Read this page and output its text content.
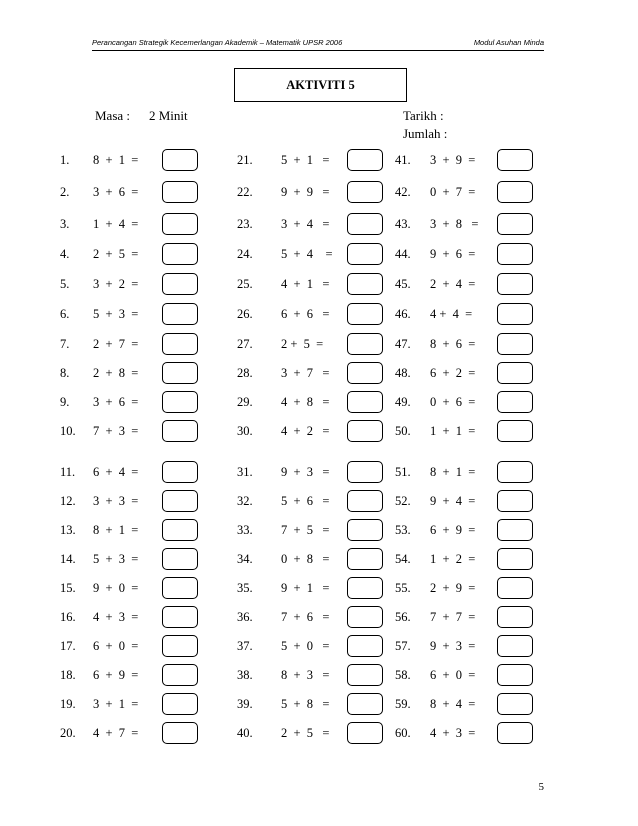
Perancangan Strategik Kecemerlangan Akademik – Matematik UPSR 2006	Modul Asuhan Minda
AKTIVITI 5
Masa : 2 Minit	Tarikh :
Jumlah :
1. 8  +  1  =
2. 3  +  6  =
3. 1  +  4  =
4. 2  +  5  =
5. 3  +  2  =
6. 5  +  3  =
7. 2  +  7  =
8. 2  +  8  =
9. 3  +  6  =
10. 7  +  3  =
11. 6  +  4  =
12. 3  +  3  =
13. 8  +  1  =
14. 5  +  3  =
15. 9  +  0  =
16. 4  +  3  =
17. 6  +  0  =
18. 6  +  9  =
19. 3  +  1  =
20. 4  +  7  =
21. 5  +  1   =
22. 9  +  9   =
23. 3  +  4   =
24. 5  +  4    =
25. 4  +  1   =
26. 6  +  6   =
27. 2 +  5  =
28. 3  +  7   =
29. 4  +  8   =
30. 4  +  2   =
31. 9  +  3   =
32. 5  +  6   =
33. 7  +  5   =
34. 0  +  8   =
35. 9  +  1   =
36. 7  +  6   =
37. 5  +  0   =
38. 8  +  3   =
39. 5  +  8   =
40. 2  +  5   =
41. 3  +  9  =
42. 0  +  7  =
43. 3  +  8   =
44. 9  +  6  =
45. 2  +  4  =
46. 4 +  4  =
47. 8  +  6  =
48. 6  +  2  =
49. 0  +  6  =
50. 1  +  1  =
51. 8  +  1  =
52. 9  +  4  =
53. 6  +  9  =
54. 1  +  2  =
55. 2  +  9  =
56. 7  +  7  =
57. 9  +  3  =
58. 6  +  0  =
59. 8  +  4  =
60. 4  +  3  =
5
